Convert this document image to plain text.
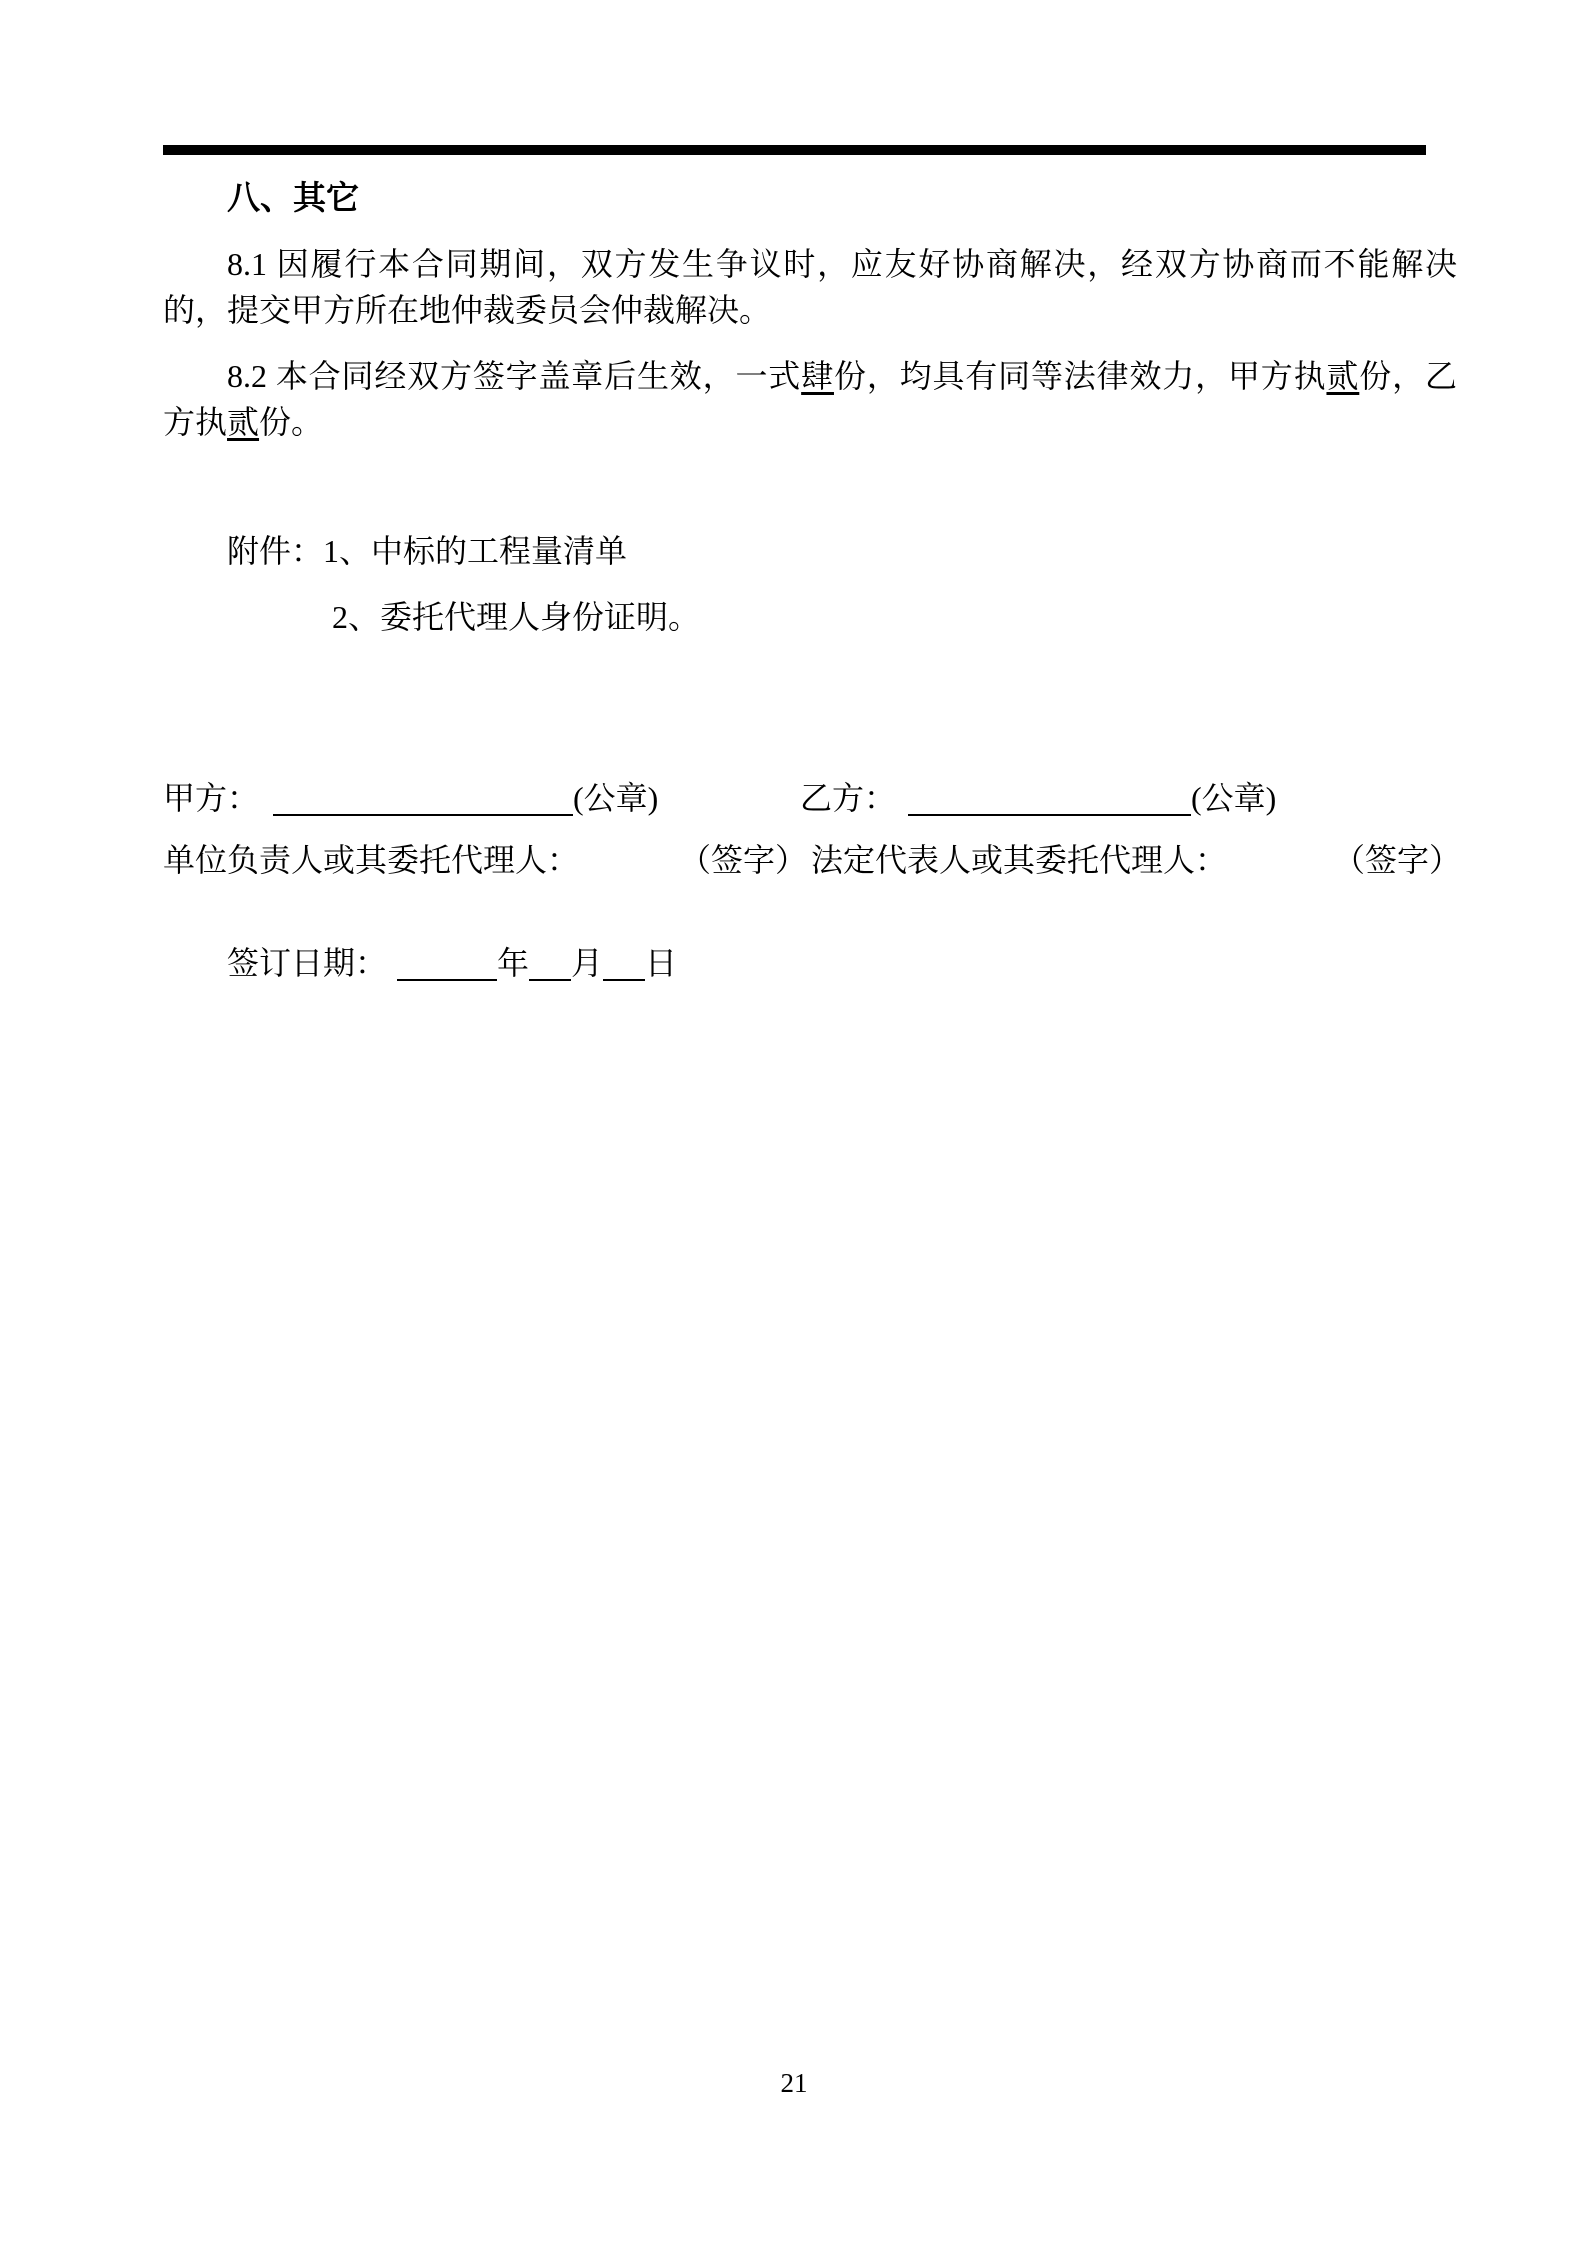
八、其它

8.1 因履行本合同期间，双方发生争议时，应友好协商解决，经双方协商而不能解决的，提交甲方所在地仲裁委员会仲裁解决。

8.2 本合同经双方签字盖章后生效，一式肆份，均具有同等法律效力，甲方执贰份，乙方执贰份。

附件：1、中标的工程量清单

2、委托代理人身份证明。

甲方：	(公章)	乙方：	(公章)
单位负责人或其委托代理人：	（签字） 法定代表人或其委托代理人：	（签字）
签订日期：	年 月 日
21
